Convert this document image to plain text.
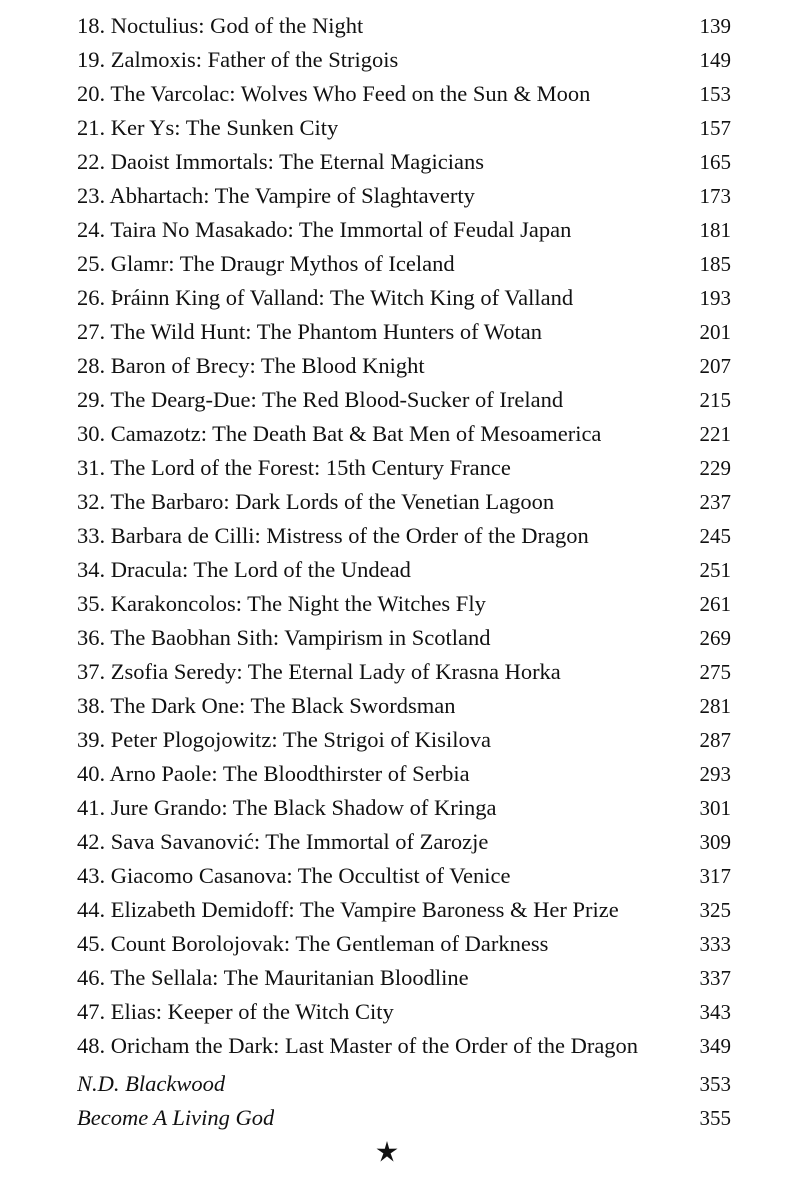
18. Noctulius: God of the Night	139
19. Zalmoxis: Father of the Strigois	149
20. The Varcolac: Wolves Who Feed on the Sun & Moon	153
21. Ker Ys: The Sunken City	157
22. Daoist Immortals: The Eternal Magicians	165
23. Abhartach: The Vampire of Slaghtaverty	173
24. Taira No Masakado: The Immortal of Feudal Japan	181
25. Glamr: The Draugr Mythos of Iceland	185
26. Þráinn King of Valland: The Witch King of Valland	193
27. The Wild Hunt: The Phantom Hunters of Wotan	201
28. Baron of Brecy: The Blood Knight	207
29. The Dearg-Due: The Red Blood-Sucker of Ireland	215
30. Camazotz: The Death Bat & Bat Men of Mesoamerica	221
31. The Lord of the Forest: 15th Century France	229
32. The Barbaro: Dark Lords of the Venetian Lagoon	237
33. Barbara de Cilli: Mistress of the Order of the Dragon	245
34. Dracula: The Lord of the Undead	251
35. Karakoncolos: The Night the Witches Fly	261
36. The Baobhan Sith: Vampirism in Scotland	269
37. Zsofia Seredy: The Eternal Lady of Krasna Horka	275
38. The Dark One: The Black Swordsman	281
39. Peter Plogojowitz: The Strigoi of Kisilova	287
40. Arno Paole: The Bloodthirster of Serbia	293
41. Jure Grando: The Black Shadow of Kringa	301
42. Sava Savanović: The Immortal of Zarozje	309
43. Giacomo Casanova: The Occultist of Venice	317
44. Elizabeth Demidoff: The Vampire Baroness & Her Prize	325
45. Count Borolojovak: The Gentleman of Darkness	333
46. The Sellala: The Mauritanian Bloodline	337
47. Elias: Keeper of the Witch City	343
48. Oricham the Dark: Last Master of the Order of the Dragon	349
N.D. Blackwood	353
Become A Living God	355
